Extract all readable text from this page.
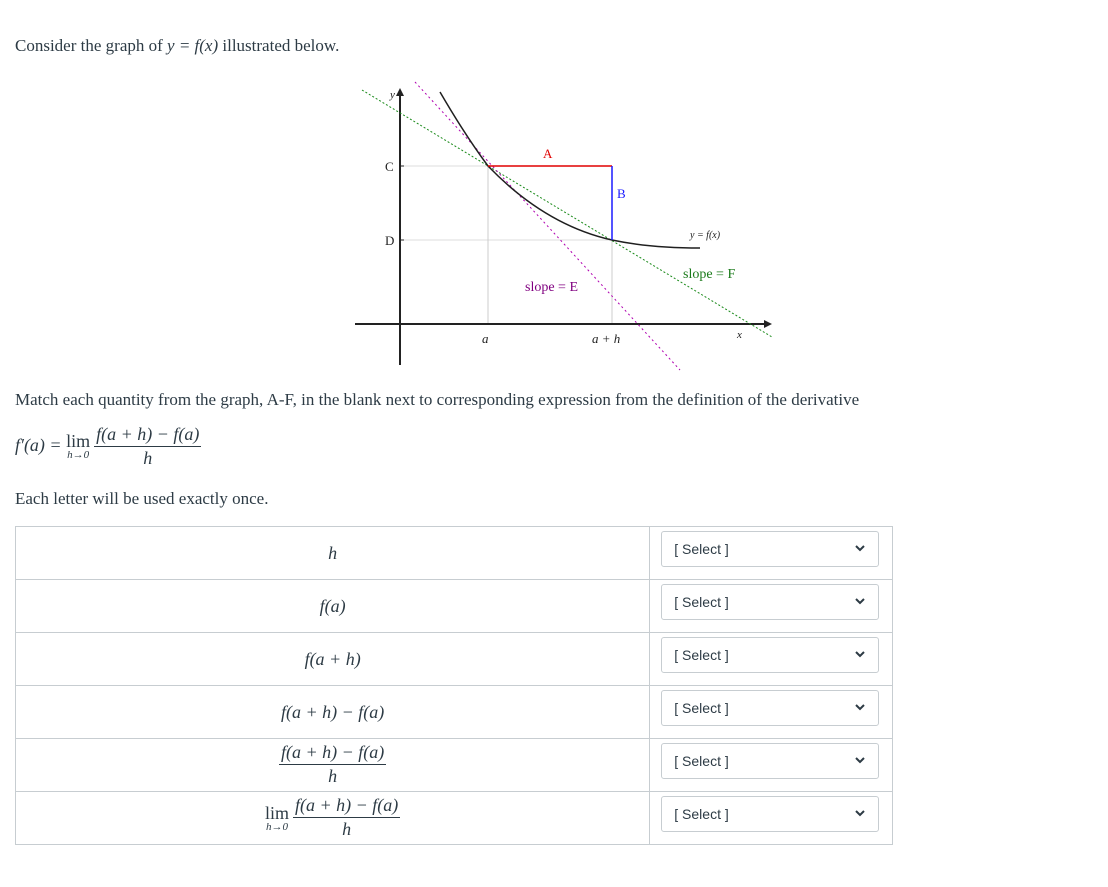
Consider the graph of y = f(x) illustrated below.
y
x
C
D
A
B
a	a + h
y = f(x)
slope = E
slope = F
Match each quantity from the graph, A-F, in the blank next to corresponding expression from the definition of the derivative
f′(a) = lim
$h\to 0 \frac{f(a + h) - f(a)}{h}$
Each letter will be used exactly once.
h	[ Select ]

f(a)	[ Select ]

f(a + h)	[ Select ]

f(a + h) − f(a)	[ Select ]

$\frac{f(a + h) - f(a)}{h}$	[ Select ]

lim
$h\to 0 \frac{f(a + h) - f(a)}{h}$	[ Select ]
